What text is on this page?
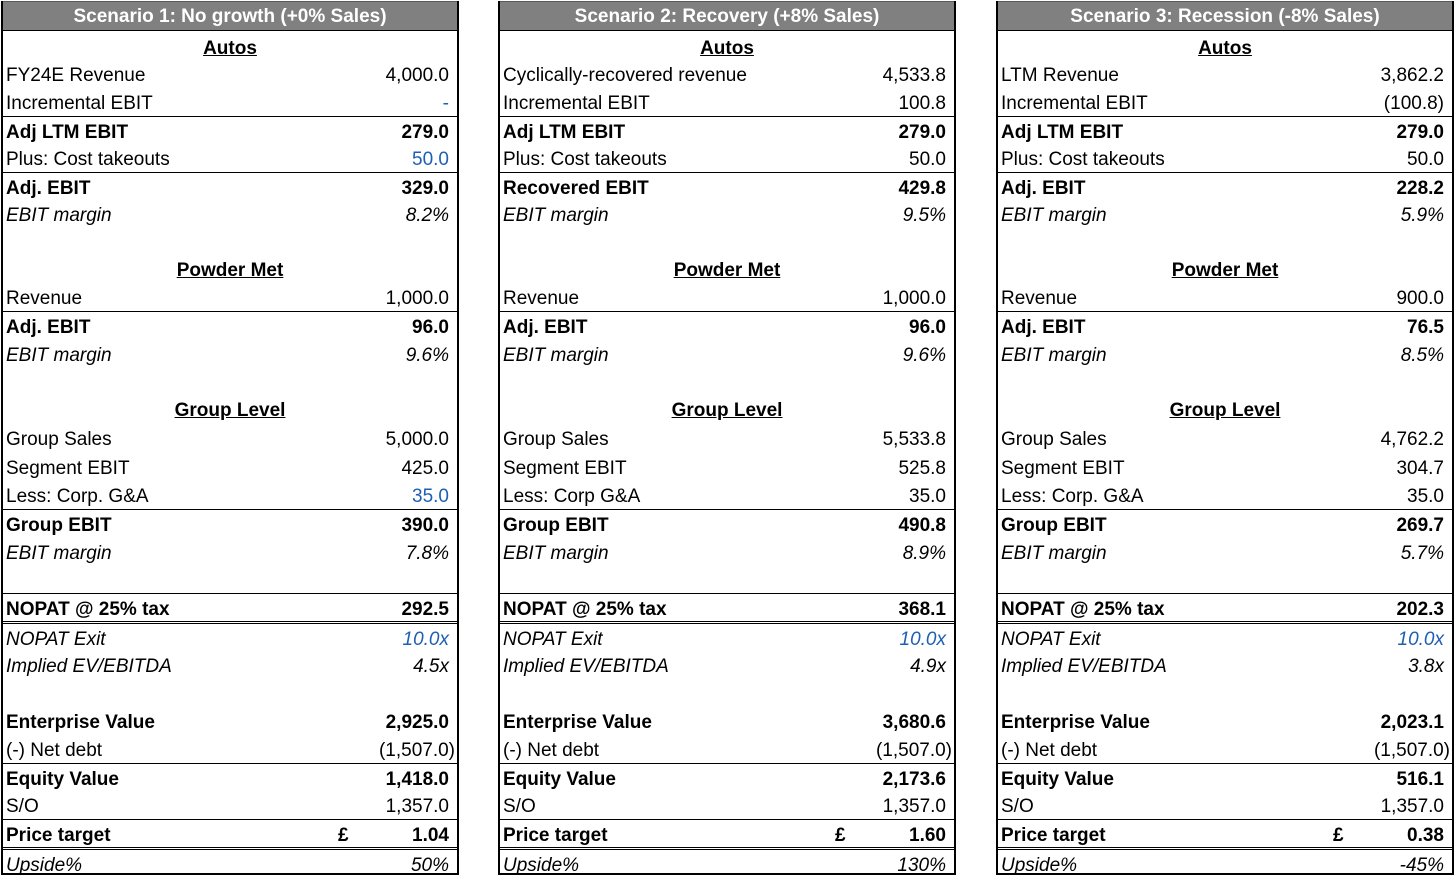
Scenario 1: No growth (+0% Sales)
Autos
FY24E Revenue	4,000.0
Incremental EBIT	-
Adj LTM EBIT	279.0
Plus: Cost takeouts	50.0
Adj. EBIT	329.0
EBIT margin	8.2%
Powder Met
Revenue	1,000.0
Adj. EBIT	96.0
EBIT margin	9.6%
Group Level
Group Sales	5,000.0
Segment EBIT	425.0
Less: Corp. G&A	35.0
Group EBIT	390.0
EBIT margin	7.8%
NOPAT @ 25% tax	292.5
NOPAT Exit	10.0x
Implied EV/EBITDA	4.5x
Enterprise Value	2,925.0
(-) Net debt	(1,507.0)
Equity Value	1,418.0
S/O	1,357.0
Price target	£	1.04
Upside%	50%
Scenario 2: Recovery (+8% Sales)
Autos
Cyclically-recovered revenue	4,533.8
Incremental EBIT	100.8
Adj LTM EBIT	279.0
Plus: Cost takeouts	50.0
Recovered EBIT	429.8
EBIT margin	9.5%
Powder Met
Revenue	1,000.0
Adj. EBIT	96.0
EBIT margin	9.6%
Group Level
Group Sales	5,533.8
Segment EBIT	525.8
Less: Corp G&A	35.0
Group EBIT	490.8
EBIT margin	8.9%
NOPAT @ 25% tax	368.1
NOPAT Exit	10.0x
Implied EV/EBITDA	4.9x
Enterprise Value	3,680.6
(-) Net debt	(1,507.0)
Equity Value	2,173.6
S/O	1,357.0
Price target	£	1.60
Upside%	130%
Scenario 3: Recession (-8% Sales)
Autos
LTM Revenue	3,862.2
Incremental EBIT	(100.8)
Adj LTM EBIT	279.0
Plus: Cost takeouts	50.0
Adj. EBIT	228.2
EBIT margin	5.9%
Powder Met
Revenue	900.0
Adj. EBIT	76.5
EBIT margin	8.5%
Group Level
Group Sales	4,762.2
Segment EBIT	304.7
Less: Corp. G&A	35.0
Group EBIT	269.7
EBIT margin	5.7%
NOPAT @ 25% tax	202.3
NOPAT Exit	10.0x
Implied EV/EBITDA	3.8x
Enterprise Value	2,023.1
(-) Net debt	(1,507.0)
Equity Value	516.1
S/O	1,357.0
Price target	£	0.38
Upside%	-45%
